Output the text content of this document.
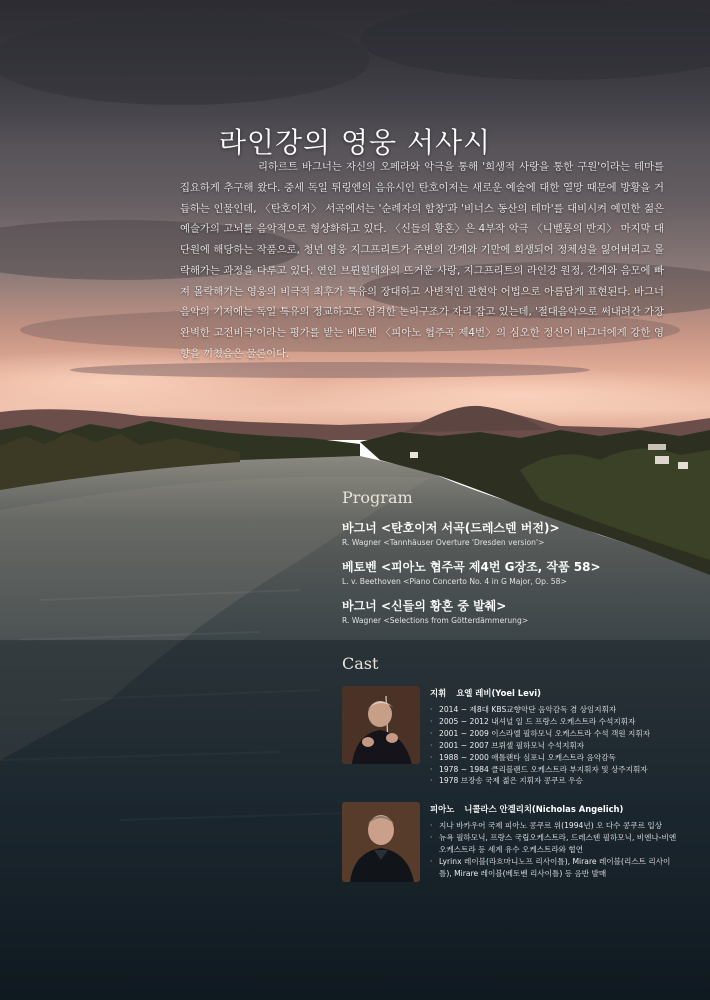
라인강의 영웅 서사시

리하르트 바그너는 자신의 오페라와 악극을 통해 '희생적 사랑을 통한 구원'이라는 테마를 집요하게 추구해 왔다. 중세 독일 튀링엔의 음유시인 탄호이저는 새로운 예술에 대한 열망 때문에 방황을 거듭하는 인물인데, 〈탄호이저〉 서곡에서는 '순례자의 합창'과 '비너스 동산의 테마'를 대비시켜 예민한 젊은 예술가의 고뇌를 음악적으로 형상화하고 있다. 〈신들의 황혼〉은 4부작 악극 〈니벨룽의 반지〉 마지막 대단원에 해당하는 작품으로, 청년 영웅 지그프리트가 주변의 간계와 기만에 희생되어 정체성을 잃어버리고 몰락해가는 과정을 다루고 있다. 연인 브륀힐데와의 뜨거운 사랑, 지그프리트의 라인강 원정, 간계와 음모에 빠져 몰락해가는 영웅의 비극적 최후가 특유의 장대하고 사변적인 관현악 어법으로 아름답게 표현된다. 바그너 음악의 기저에는 독일 특유의 정교하고도 엄격한 논리구조가 자리 잡고 있는데, '절대음악으로 써내려간 가장 완벽한 고전비극'이라는 평가를 받는 베토벤 〈피아노 협주곡 제4번〉의 심오한 정신이 바그너에게 강한 영향을 끼쳤음은 물론이다.

Program
바그너 <탄호이저 서곡(드레스덴 버전)>
R. Wagner <Tannhäuser Overture 'Dresden version'>
베토벤 <피아노 협주곡 제4번 G장조, 작품 58>
L. v. Beethoven <Piano Concerto No. 4 in G Major, Op. 58>
바그너 <신들의 황혼 중 발췌>
R. Wagner <Selections from Götterdämmerung>
Cast
지휘 요엘 레비(Yoel Levi)
· 2014 ~ 제8대 KBS교향악단 음악감독 겸 상임지휘자
· 2005 ~ 2012 내셔널 일 드 프랑스 오케스트라 수석지휘자
· 2001 ~ 2009 이스라엘 필하모닉 오케스트라 수석 객원 지휘자
· 2001 ~ 2007 브뤼셀 필하모닉 수석지휘자
· 1988 ~ 2000 애틀랜타 심포니 오케스트라 음악감독
· 1978 ~ 1984 클리블랜드 오케스트라 부지휘자 및 상주지휘자
· 1978 브장송 국제 젊은 지휘자 콩쿠르 우승
피아노 니콜라스 안겔리치(Nicholas Angelich)
· 지나 바카우어 국제 피아노 콩쿠르 위(1994년) 오 다수 콩쿠르 입상
· 뉴욕 필하모닉, 프랑스 국립오케스트라, 드레스덴 필하모닉, 비엔나-비엔 오케스트라 등 세계 유수 오케스트라와 협연
· Lyrinx 레이블(라흐마니노프 리사이틀), Mirare 레이블(리스트 리사이틀), Mirare 레이블(베토벤 리사이틀) 등 음반 발매
